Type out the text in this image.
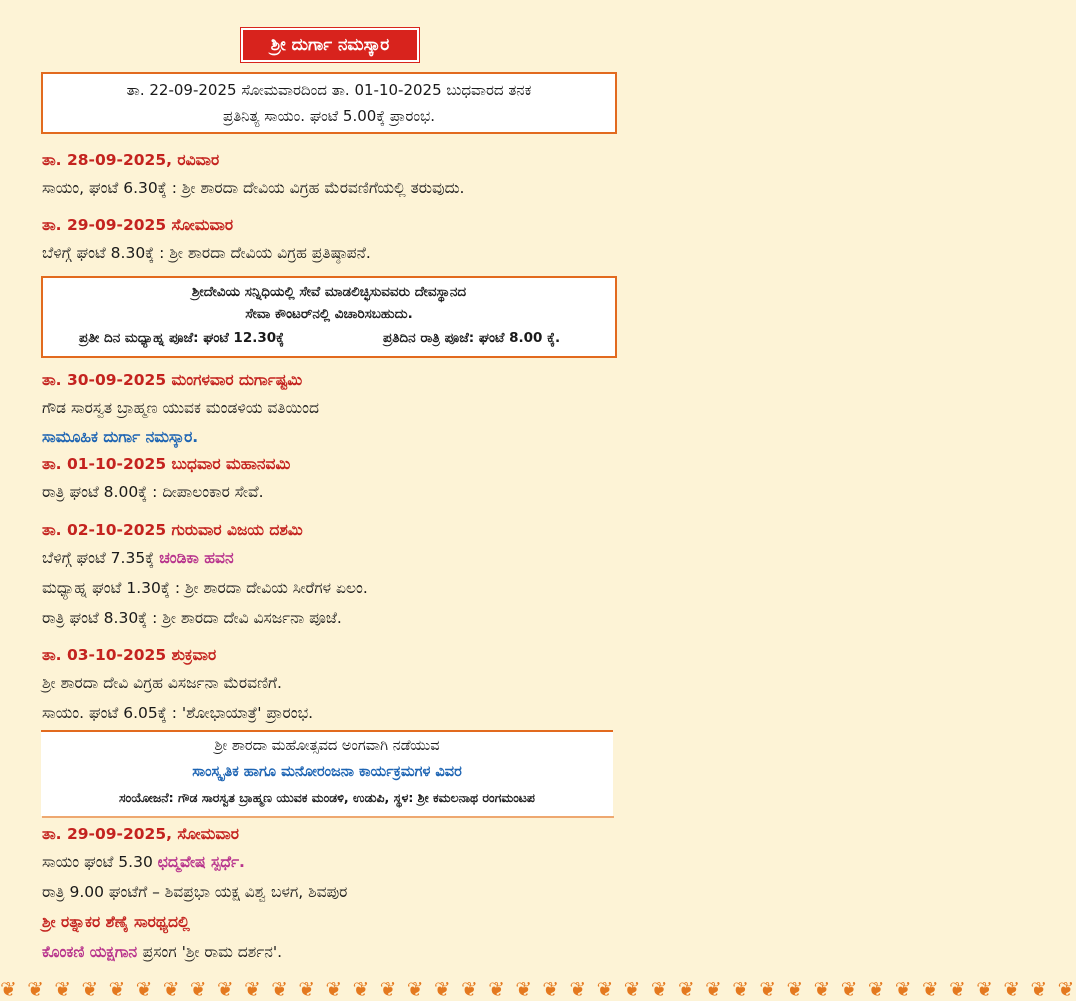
ಶ್ರೀ ದುರ್ಗಾ ನಮಸ್ಕಾರ
ತಾ. 22-09-2025 ಸೋಮವಾರದಿಂದ ತಾ. 01-10-2025 ಬುಧವಾರದ ತನಕ
ಪ್ರತಿನಿತ್ಯ ಸಾಯಂ. ಘಂಟೆ 5.00ಕ್ಕೆ ಪ್ರಾರಂಭ.
ತಾ. 28-09-2025, ರವಿವಾರ
ಸಾಯಂ, ಘಂಟೆ 6.30ಕ್ಕೆ : ಶ್ರೀ ಶಾರದಾ ದೇವಿಯ ವಿಗ್ರಹ ಮೆರವಣಿಗೆಯಲ್ಲಿ ತರುವುದು.
ತಾ. 29-09-2025 ಸೋಮವಾರ
ಬೆಳಿಗ್ಗೆ ಘಂಟೆ 8.30ಕ್ಕೆ : ಶ್ರೀ ಶಾರದಾ ದೇವಿಯ ವಿಗ್ರಹ ಪ್ರತಿಷ್ಠಾಪನೆ.
ಶ್ರೀದೇವಿಯ ಸನ್ನಿಧಿಯಲ್ಲಿ ಸೇವೆ ಮಾಡಲಿಚ್ಛಿಸುವವರು ದೇವಸ್ಥಾನದ
ಸೇವಾ ಕೌಂಟರ್‌ನಲ್ಲಿ ವಿಚಾರಿಸಬಹುದು.
ಪ್ರತೀ ದಿನ ಮಧ್ಯಾಹ್ನ ಪೂಜೆ: ಘಂಟೆ 12.30ಕ್ಕೆ	ಪ್ರತಿದಿನ ರಾತ್ರಿ ಪೂಜೆ: ಘಂಟೆ 8.00 ಕ್ಕೆ.
ತಾ. 30-09-2025 ಮಂಗಳವಾರ ದುರ್ಗಾಷ್ಟಮಿ
ಗೌಡ ಸಾರಸ್ವತ ಬ್ರಾಹ್ಮಣ ಯುವಕ ಮಂಡಳಿಯ ವತಿಯಿಂದ
ಸಾಮೂಹಿಕ ದುರ್ಗಾ ನಮಸ್ಕಾರ.
ತಾ. 01-10-2025 ಬುಧವಾರ ಮಹಾನವಮಿ
ರಾತ್ರಿ ಘಂಟೆ 8.00ಕ್ಕೆ : ದೀಪಾಲಂಕಾರ ಸೇವೆ.
ತಾ. 02-10-2025 ಗುರುವಾರ ವಿಜಯ ದಶಮಿ
ಬೆಳಿಗ್ಗೆ ಘಂಟೆ 7.35ಕ್ಕೆ ಚಂಡಿಕಾ ಹವನ
ಮಧ್ಯಾಹ್ನ ಘಂಟೆ 1.30ಕ್ಕೆ : ಶ್ರೀ ಶಾರದಾ ದೇವಿಯ ಸೀರೆಗಳ ಏಲಂ.
ರಾತ್ರಿ ಘಂಟೆ 8.30ಕ್ಕೆ : ಶ್ರೀ ಶಾರದಾ ದೇವಿ ವಿಸರ್ಜನಾ ಪೂಜೆ.
ತಾ. 03-10-2025 ಶುಕ್ರವಾರ
ಶ್ರೀ ಶಾರದಾ ದೇವಿ ವಿಗ್ರಹ ವಿಸರ್ಜನಾ ಮೆರವಣಿಗೆ.
ಸಾಯಂ. ಘಂಟೆ 6.05ಕ್ಕೆ : 'ಶೋಭಾಯಾತ್ರೆ' ಪ್ರಾರಂಭ.
ಶ್ರೀ ಶಾರದಾ ಮಹೋತ್ಸವದ ಅಂಗವಾಗಿ ನಡೆಯುವ
ಸಾಂಸ್ಕೃತಿಕ ಹಾಗೂ ಮನೋರಂಜನಾ ಕಾರ್ಯಕ್ರಮಗಳ ವಿವರ
ಸಂಯೋಜನೆ: ಗೌಡ ಸಾರಸ್ವತ ಬ್ರಾಹ್ಮಣ ಯುವಕ ಮಂಡಳಿ, ಉಡುಪಿ, ಸ್ಥಳ: ಶ್ರೀ ಕಮಲನಾಥ ರಂಗಮಂಟಪ
ತಾ. 29-09-2025, ಸೋಮವಾರ
ಸಾಯಂ ಘಂಟೆ 5.30 ಛದ್ಮವೇಷ ಸ್ಪರ್ಧೆ.
ರಾತ್ರಿ 9.00 ಘಂಟೆಗೆ – ಶಿವಪ್ರಭಾ ಯಕ್ಷ ವಿಶ್ವ ಬಳಗ, ಶಿವಪುರ
ಶ್ರೀ ರತ್ನಾಕರ ಶೆಣೈ ಸಾರಥ್ಯದಲ್ಲಿ
ಕೊಂಕಣಿ ಯಕ್ಷಗಾನ ಪ್ರಸಂಗ 'ಶ್ರೀ ರಾಮ ದರ್ಶನ'.
❦ ❦ ❦ ❦ ❦ ❦ ❦ ❦ ❦ ❦ ❦ ❦ ❦ ❦ ❦ ❦ ❦ ❦ ❦ ❦ ❦ ❦ ❦ ❦ ❦ ❦ ❦ ❦ ❦ ❦ ❦ ❦ ❦ ❦ ❦ ❦ ❦ ❦ ❦ ❦
